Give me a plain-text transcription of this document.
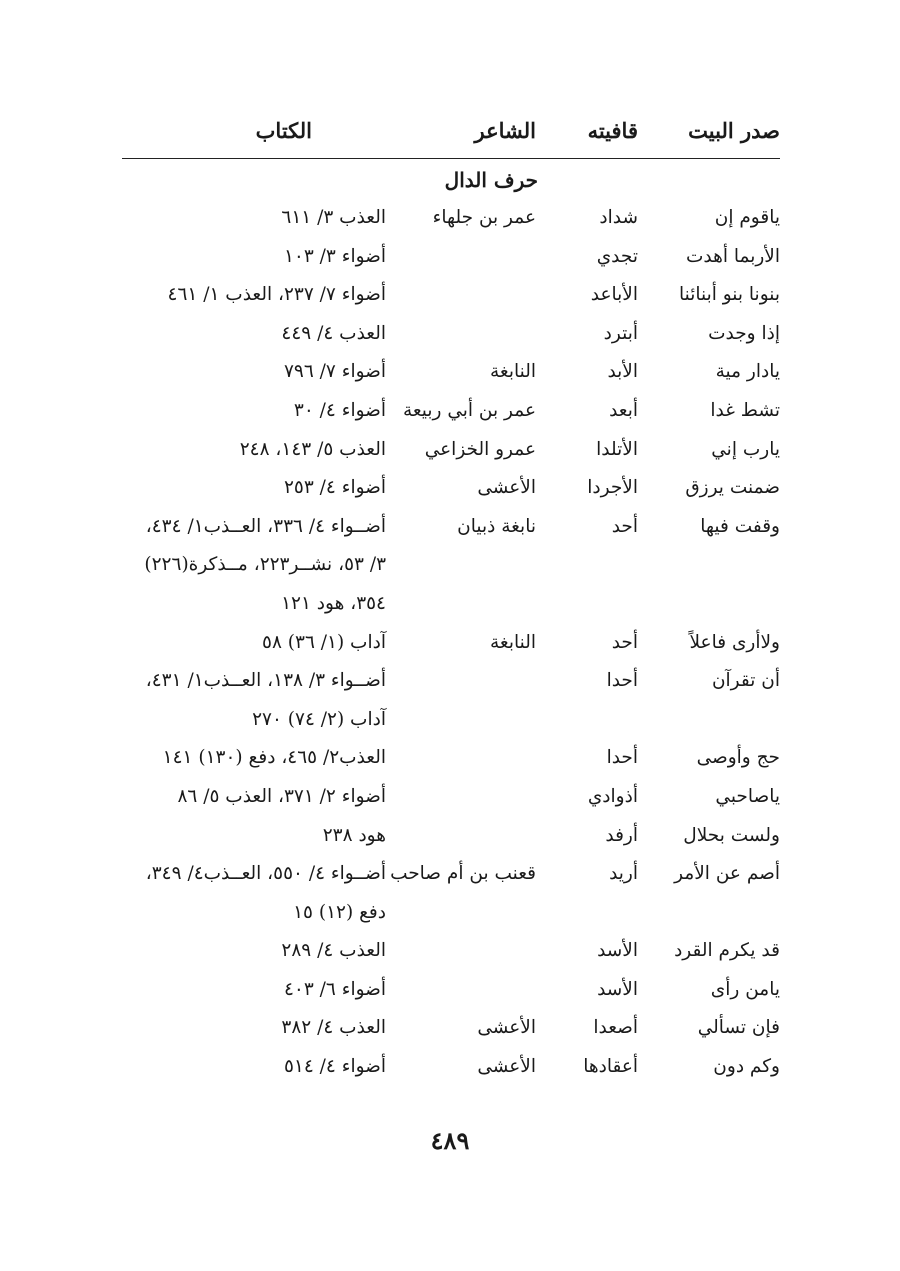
صدر البيت
قافيته
الشاعر
الكتاب
حرف الدال
ياقوم إن
شداد
عمر بن جلهاء
العذب ٣/ ٦١١
الأربما أهدت
تجدي
أضواء ٣/ ١٠٣
بنونا بنو أبنائنا
الأباعد
أضواء ٧/ ٢٣٧، العذب ١/ ٤٦١
إذا وجدت
أبترد
العذب ٤/ ٤٤٩
يادار مية
الأبد
النابغة
أضواء ٧/ ٧٩٦
تشط غدا
أبعد
عمر بن أبي ربيعة
أضواء ٤/ ٣٠
يارب إني
الأتلدا
عمرو الخزاعي
العذب ٥/ ١٤٣، ٢٤٨
ضمنت يرزق
الأجردا
الأعشى
أضواء ٤/ ٢٥٣
وقفت فيها
أحد
نابغة ذبيان
أضــواء ٤/ ٣٣٦، العــذب١/ ٤٣٤،
٣/ ٥٣، نشــر٢٢٣، مــذكرة(٢٢٦)
٣٥٤، هود ١٢١
ولاأرى فاعلاً
أحد
النابغة
آداب (١/ ٣٦) ٥٨
أن تقرآن
أحدا
أضــواء ٣/ ١٣٨، العــذب١/ ٤٣١،
آداب (٢/ ٧٤) ٢٧٠
حج وأوصى
أحدا
العذب٢/ ٤٦٥، دفع (١٣٠) ١٤١
ياصاحبي
أذوادي
أضواء ٢/ ٣٧١، العذب ٥/ ٨٦
ولست بحلال
أرفد
هود ٢٣٨
أصم عن الأمر
أريد
قعنب بن أم صاحب
أضــواء ٤/ ٥٥٠، العــذب٤/ ٣٤٩،
دفع (١٢) ١٥
قد يكرم القرد
الأسد
العذب ٤/ ٢٨٩
يامن رأى
الأسد
أضواء ٦/ ٤٠٣
فإن تسألي
أصعدا
الأعشى
العذب ٤/ ٣٨٢
وكم دون
أعقادها
الأعشى
أضواء ٤/ ٥١٤
٤٨٩
